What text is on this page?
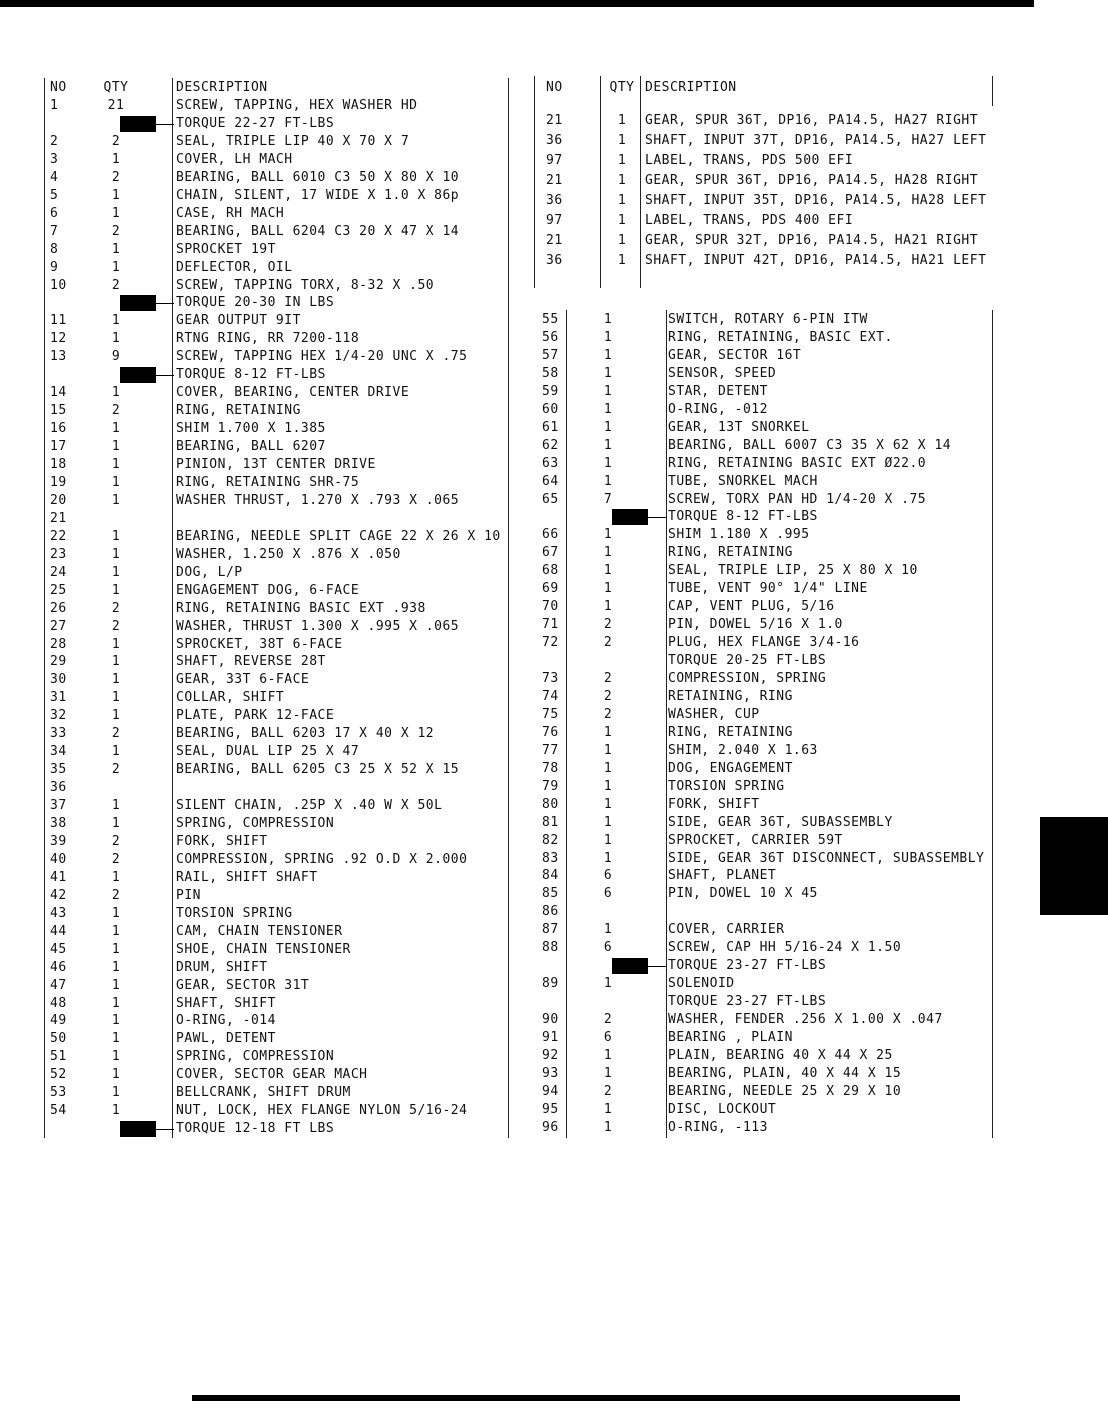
NO	QTY	DESCRIPTION
1	21	SCREW, TAPPING, HEX WASHER HD
TORQUE 22-27 FT-LBS
2	2	SEAL, TRIPLE LIP 40 X 70 X 7
3	1	COVER, LH MACH
4	2	BEARING, BALL 6010 C3 50 X 80 X 10
5	1	CHAIN, SILENT, 17 WIDE X 1.0 X 86p
6	1	CASE, RH MACH
7	2	BEARING, BALL 6204 C3 20 X 47 X 14
8	1	SPROCKET 19T
9	1	DEFLECTOR, OIL
10	2	SCREW, TAPPING TORX, 8-32 X .50
TORQUE 20-30 IN LBS
11	1	GEAR OUTPUT 9IT
12	1	RTNG RING, RR 7200-118
13	9	SCREW, TAPPING HEX 1/4-20 UNC X .75
TORQUE 8-12 FT-LBS
14	1	COVER, BEARING, CENTER DRIVE
15	2	RING, RETAINING
16	1	SHIM 1.700 X 1.385
17	1	BEARING, BALL 6207
18	1	PINION, 13T CENTER DRIVE
19	1	RING, RETAINING SHR-75
20	1	WASHER THRUST, 1.270 X .793 X .065
21
22	1	BEARING, NEEDLE SPLIT CAGE 22 X 26 X 10
23	1	WASHER, 1.250 X .876 X .050
24	1	DOG, L/P
25	1	ENGAGEMENT DOG, 6-FACE
26	2	RING, RETAINING BASIC EXT .938
27	2	WASHER, THRUST 1.300 X .995 X .065
28	1	SPROCKET, 38T 6-FACE
29	1	SHAFT, REVERSE 28T
30	1	GEAR, 33T 6-FACE
31	1	COLLAR, SHIFT
32	1	PLATE, PARK 12-FACE
33	2	BEARING, BALL 6203 17 X 40 X 12
34	1	SEAL, DUAL LIP 25 X 47
35	2	BEARING, BALL 6205 C3 25 X 52 X 15
36
37	1	SILENT CHAIN, .25P X .40 W X 50L
38	1	SPRING, COMPRESSION
39	2	FORK, SHIFT
40	2	COMPRESSION, SPRING .92 O.D X 2.000
41	1	RAIL, SHIFT SHAFT
42	2	PIN
43	1	TORSION SPRING
44	1	CAM, CHAIN TENSIONER
45	1	SHOE, CHAIN TENSIONER
46	1	DRUM, SHIFT
47	1	GEAR, SECTOR 31T
48	1	SHAFT, SHIFT
49	1	O-RING, -014
50	1	PAWL, DETENT
51	1	SPRING, COMPRESSION
52	1	COVER, SECTOR GEAR MACH
53	1	BELLCRANK, SHIFT DRUM
54	1	NUT, LOCK, HEX FLANGE NYLON 5/16-24
TORQUE 12-18 FT LBS
NO	QTY DESCRIPTION
21	1	GEAR, SPUR 36T, DP16, PA14.5, HA27 RIGHT
36	1	SHAFT, INPUT 37T, DP16, PA14.5, HA27 LEFT
97	1	LABEL, TRANS, PDS 500 EFI
21	1	GEAR, SPUR 36T, DP16, PA14.5, HA28 RIGHT
36	1	SHAFT, INPUT 35T, DP16, PA14.5, HA28 LEFT
97	1	LABEL, TRANS, PDS 400 EFI
21	1	GEAR, SPUR 32T, DP16, PA14.5, HA21 RIGHT
36	1	SHAFT, INPUT 42T, DP16, PA14.5, HA21 LEFT
55	1	SWITCH, ROTARY 6-PIN ITW
56	1	RING, RETAINING, BASIC EXT.
57	1	GEAR, SECTOR 16T
58	1	SENSOR, SPEED
59	1	STAR, DETENT
60	1	O-RING, -012
61	1	GEAR, 13T SNORKEL
62	1	BEARING, BALL 6007 C3 35 X 62 X 14
63	1	RING, RETAINING BASIC EXT Ø22.0
64	1	TUBE, SNORKEL MACH
65	7	SCREW, TORX PAN HD 1/4-20 X .75
TORQUE 8-12 FT-LBS
66	1	SHIM 1.180 X .995
67	1	RING, RETAINING
68	1	SEAL, TRIPLE LIP, 25 X 80 X 10
69	1	TUBE, VENT 90° 1/4" LINE
70	1	CAP, VENT PLUG, 5/16
71	2	PIN, DOWEL 5/16 X 1.0
72	2	PLUG, HEX FLANGE 3/4-16
TORQUE 20-25 FT-LBS
73	2	COMPRESSION, SPRING
74	2	RETAINING, RING
75	2	WASHER, CUP
76	1	RING, RETAINING
77	1	SHIM, 2.040 X 1.63
78	1	DOG, ENGAGEMENT
79	1	TORSION SPRING
80	1	FORK, SHIFT
81	1	SIDE, GEAR 36T, SUBASSEMBLY
82	1	SPROCKET, CARRIER 59T
83	1	SIDE, GEAR 36T DISCONNECT, SUBASSEMBLY
84	6	SHAFT, PLANET
85	6	PIN, DOWEL 10 X 45
86
87	1	COVER, CARRIER
88	6	SCREW, CAP HH 5/16-24 X 1.50
TORQUE 23-27 FT-LBS
89	1	SOLENOID
TORQUE 23-27 FT-LBS
90	2	WASHER, FENDER .256 X 1.00 X .047
91	6	BEARING , PLAIN
92	1	PLAIN, BEARING 40 X 44 X 25
93	1	BEARING, PLAIN, 40 X 44 X 15
94	2	BEARING, NEEDLE 25 X 29 X 10
95	1	DISC, LOCKOUT
96	1	O-RING, -113
